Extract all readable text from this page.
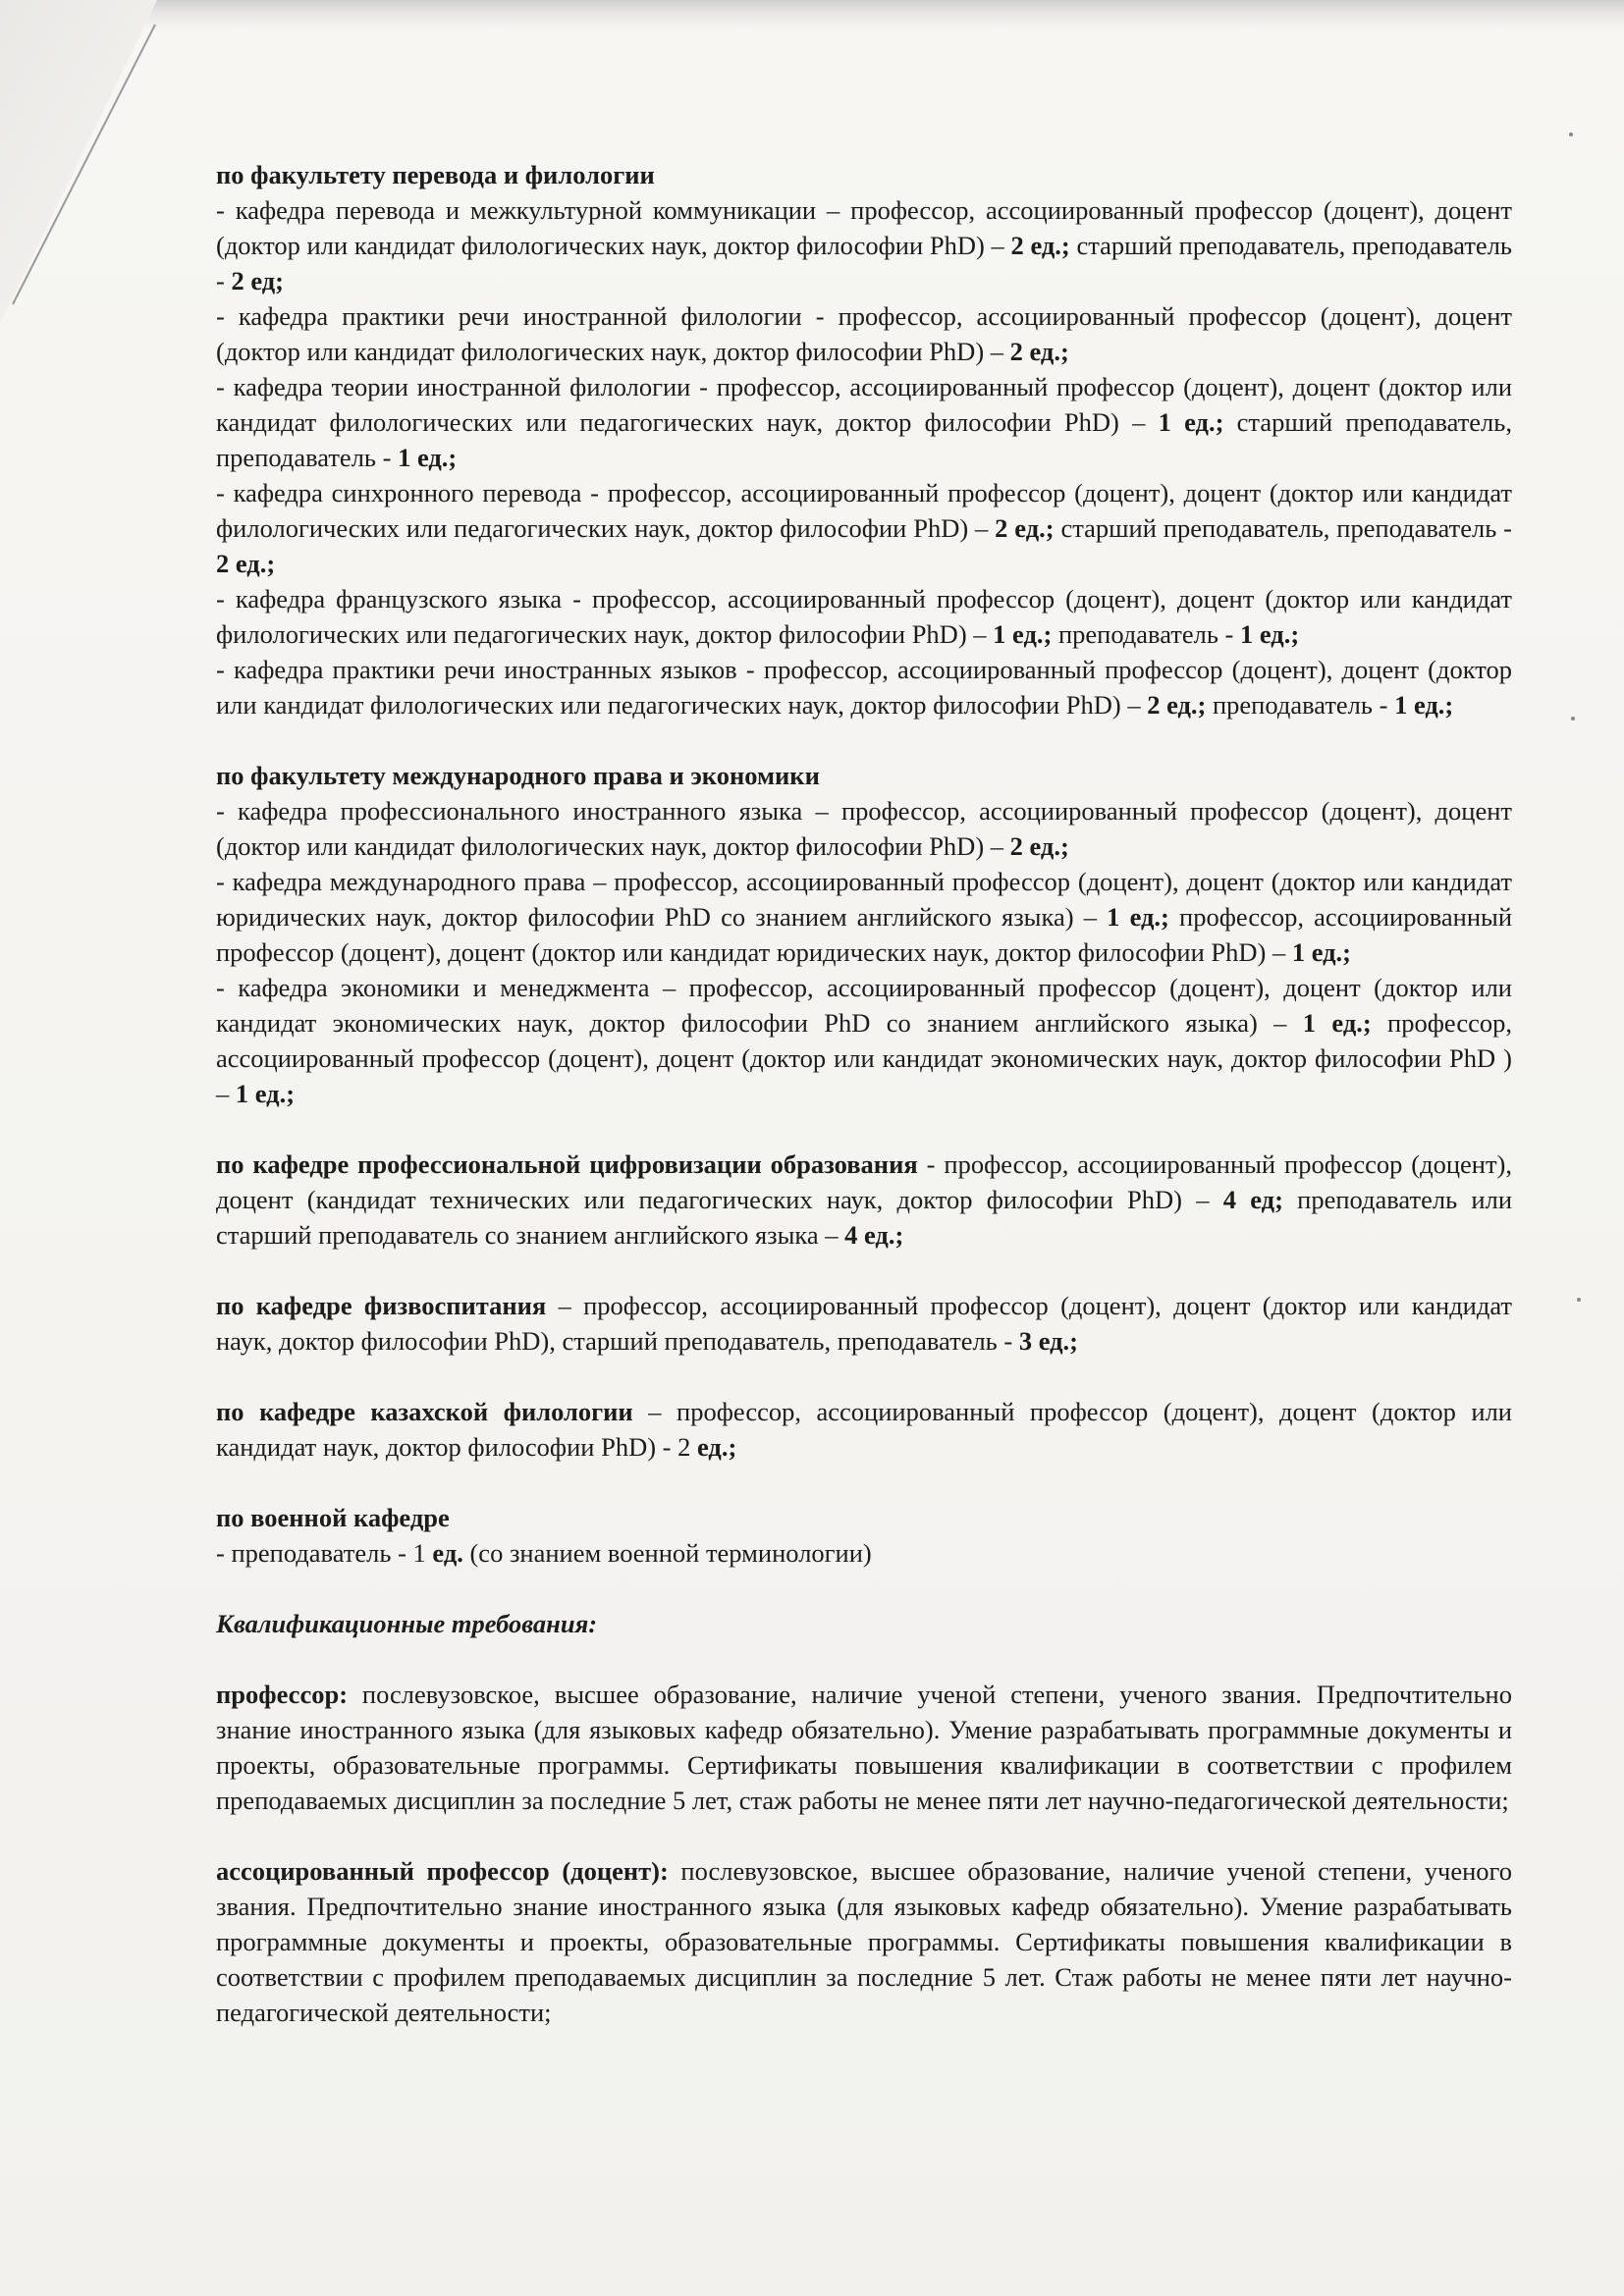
по факультету перевода и филологии
- кафедра перевода и межкультурной коммуникации – профессор, ассоциированный профессор (доцент), доцент (доктор или кандидат филологических наук, доктор философии PhD) – 2 ед.; старший преподаватель, преподаватель - 2 ед;
- кафедра практики речи иностранной филологии - профессор, ассоциированный профессор (доцент), доцент (доктор или кандидат филологических наук, доктор философии PhD) – 2 ед.;
- кафедра теории иностранной филологии - профессор, ассоциированный профессор (доцент), доцент (доктор или кандидат филологических или педагогических наук, доктор философии PhD) – 1 ед.; старший преподаватель, преподаватель - 1 ед.;
- кафедра синхронного перевода - профессор, ассоциированный профессор (доцент), доцент (доктор или кандидат филологических или педагогических наук, доктор философии PhD) – 2 ед.; старший преподаватель, преподаватель - 2 ед.;
- кафедра французского языка - профессор, ассоциированный профессор (доцент), доцент (доктор или кандидат филологических или педагогических наук, доктор философии PhD) – 1 ед.; преподаватель - 1 ед.;
- кафедра практики речи иностранных языков - профессор, ассоциированный профессор (доцент), доцент (доктор или кандидат филологических или педагогических наук, доктор философии PhD) – 2 ед.; преподаватель - 1 ед.;
по факультету международного права и экономики
- кафедра профессионального иностранного языка – профессор, ассоциированный профессор (доцент), доцент (доктор или кандидат филологических наук, доктор философии PhD) – 2 ед.;
- кафедра международного права – профессор, ассоциированный профессор (доцент), доцент (доктор или кандидат юридических наук, доктор философии PhD со знанием английского языка) – 1 ед.; профессор, ассоциированный профессор (доцент), доцент (доктор или кандидат юридических наук, доктор философии PhD) – 1 ед.;
- кафедра экономики и менеджмента – профессор, ассоциированный профессор (доцент), доцент (доктор или кандидат экономических наук, доктор философии PhD со знанием английского языка) – 1 ед.; профессор, ассоциированный профессор (доцент), доцент (доктор или кандидат экономических наук, доктор философии PhD ) – 1 ед.;
по кафедре профессиональной цифровизации образования - профессор, ассоциированный профессор (доцент), доцент (кандидат технических или педагогических наук, доктор философии PhD) – 4 ед; преподаватель или старший преподаватель со знанием английского языка – 4 ед.;
по кафедре физвоспитания – профессор, ассоциированный профессор (доцент), доцент (доктор или кандидат наук, доктор философии PhD), старший преподаватель, преподаватель - 3 ед.;
по кафедре казахской филологии – профессор, ассоциированный профессор (доцент), доцент (доктор или кандидат наук, доктор философии PhD) - 2 ед.;
по военной кафедре
- преподаватель - 1 ед. (со знанием военной терминологии)
Квалификационные требования:
профессор: послевузовское, высшее образование, наличие ученой степени, ученого звания. Предпочтительно знание иностранного языка (для языковых кафедр обязательно). Умение разрабатывать программные документы и проекты, образовательные программы. Сертификаты повышения квалификации в соответствии с профилем преподаваемых дисциплин за последние 5 лет, стаж работы не менее пяти лет научно-педагогической деятельности;
ассоцированный профессор (доцент): послевузовское, высшее образование, наличие ученой степени, ученого звания. Предпочтительно знание иностранного языка (для языковых кафедр обязательно). Умение разрабатывать программные документы и проекты, образовательные программы. Сертификаты повышения квалификации в соответствии с профилем преподаваемых дисциплин за последние 5 лет. Стаж работы не менее пяти лет научно-педагогической деятельности;
